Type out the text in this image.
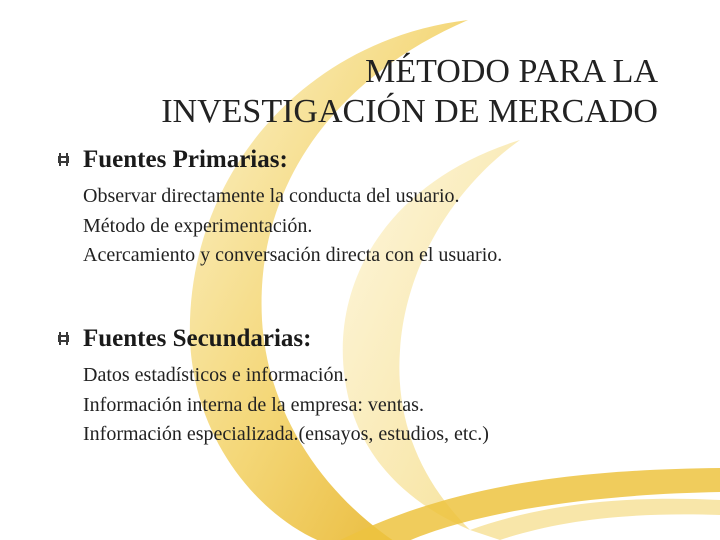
MÉTODO PARA LA
INVESTIGACIÓN DE MERCADO
Fuentes Primarias:
Observar directamente la conducta del usuario.
Método de experimentación.
Acercamiento y conversación directa con el usuario.
Fuentes Secundarias:
Datos estadísticos e información.
Información interna de la empresa: ventas.
Información especializada.(ensayos, estudios, etc.)
